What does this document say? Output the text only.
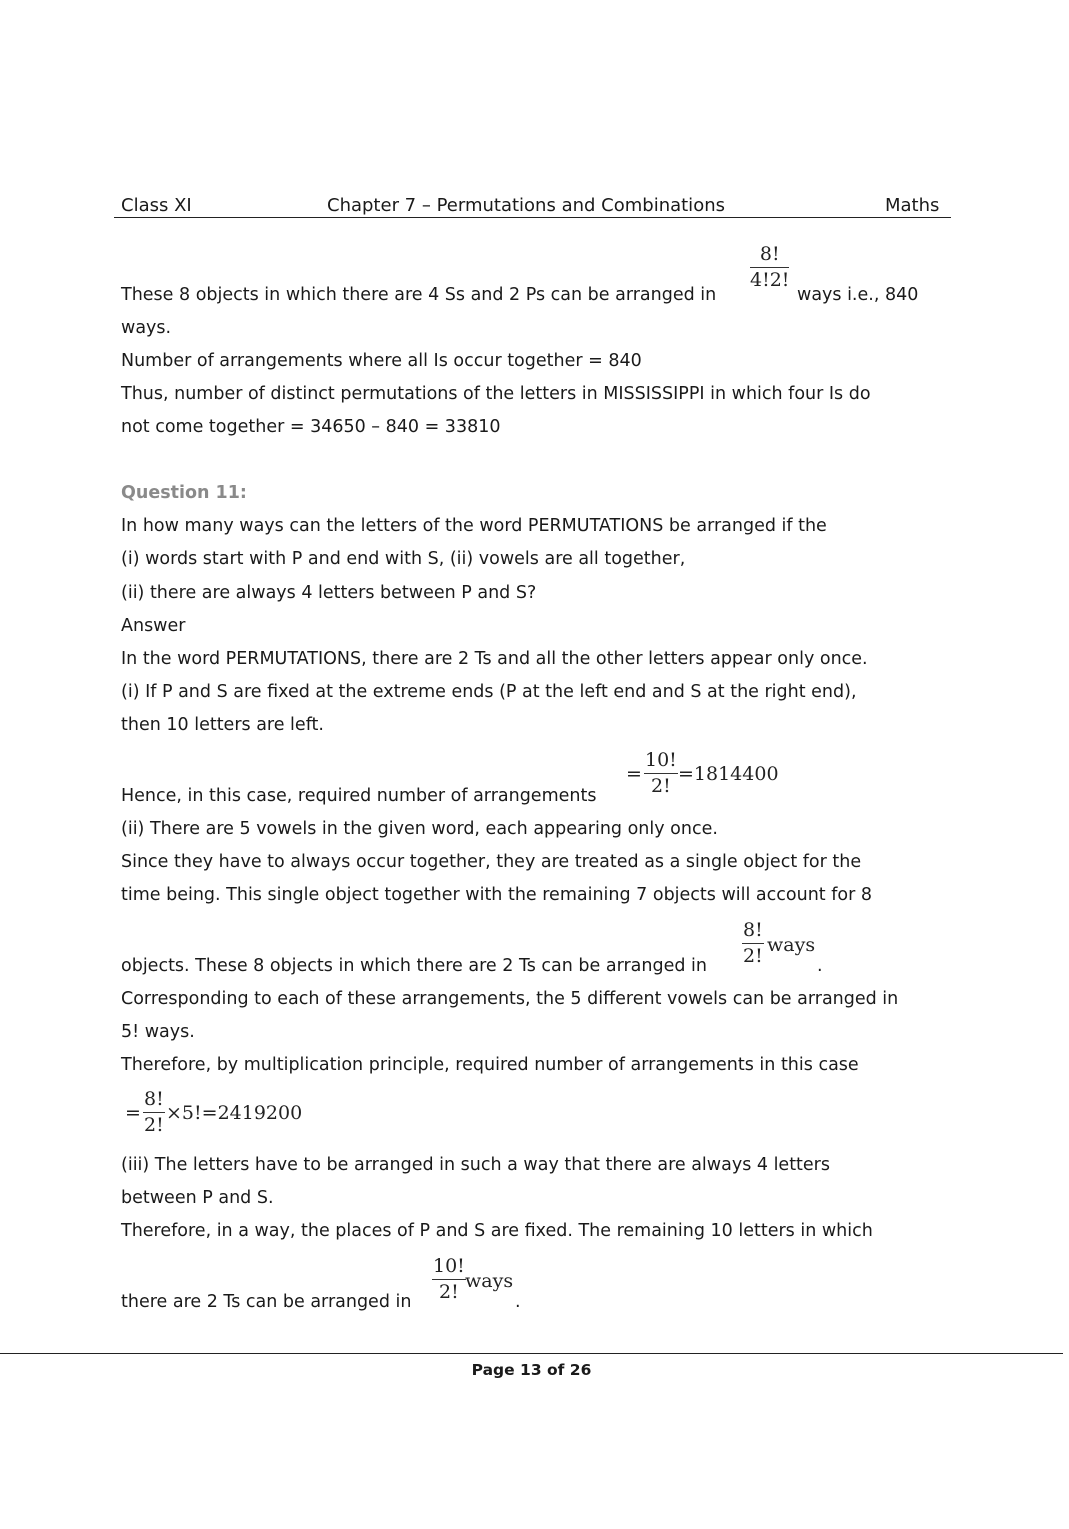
Class XI	Chapter 7 – Permutations and Combinations	Maths
These 8 objects in which there are 4 Ss and 2 Ps can be arranged in
$\frac{8!}{4!2!}$
ways i.e., 840
ways.
Number of arrangements where all Is occur together = 840
Thus, number of distinct permutations of the letters in MISSISSIPPI in which four Is do
not come together = 34650 – 840 = 33810
Question 11:
In how many ways can the letters of the word PERMUTATIONS be arranged if the
(i) words start with P and end with S, (ii) vowels are all together,
(ii) there are always 4 letters between P and S?
Answer
In the word PERMUTATIONS, there are 2 Ts and all the other letters appear only once.
(i) If P and S are fixed at the extreme ends (P at the left end and S at the right end),
then 10 letters are left.
Hence, in this case, required number of arrangements
= $\frac{10!}{2!} =1814400$
(ii) There are 5 vowels in the given word, each appearing only once.
Since they have to always occur together, they are treated as a single object for the
time being. This single object together with the remaining 7 objects will account for 8
objects. These 8 objects in which there are 2 Ts can be arranged in $\frac{8!}{2!}$ ways
.
Corresponding to each of these arrangements, the 5 different vowels can be arranged in
5! ways.
Therefore, by multiplication principle, required number of arrangements in this case
= $\frac{8!}{2!} \times 5!=2419200$
(iii) The letters have to be arranged in such a way that there are always 4 letters
between P and S.
Therefore, in a way, the places of P and S are fixed. The remaining 10 letters in which
there are 2 Ts can be arranged in $\frac{10!}{2!}$ ways
.
Page 13 of 26
